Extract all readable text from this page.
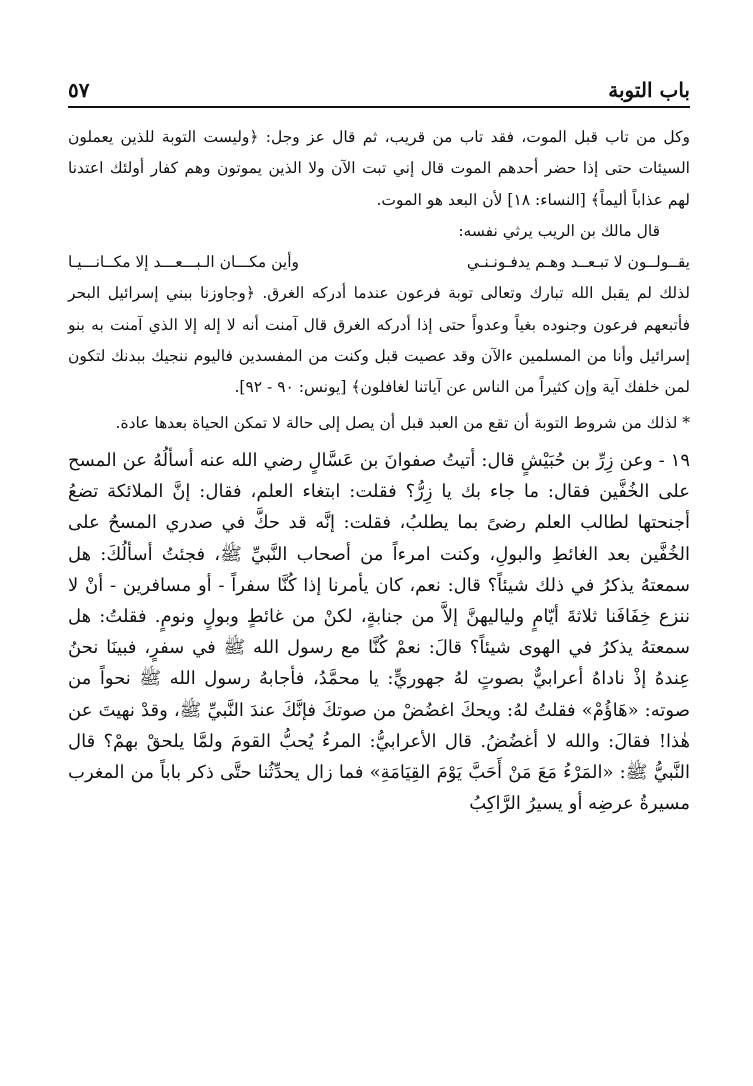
باب التوبة
٥٧
وكل من تاب قبل الموت، فقد تاب من قريب، ثم قال عز وجل: ﴿وليست التوبة للذين يعملون السيئات حتى إذا حضر أحدهم الموت قال إني تبت الآن ولا الذين يموتون وهم كفار أولئك اعتدنا لهم عذاباً أليماً﴾ [النساء: ١٨] لأن البعد هو الموت.
قال مالك بن الريب يرثي نفسه:
يقــولــون لا تبـعــد وهـم يدفـونـنـي
وأين مكـــان الـبـــعـــد إلا مكــانـــيـا
لذلك لم يقبل الله تبارك وتعالى توبة فرعون عندما أدركه الغرق. ﴿وجاوزنا ببني إسرائيل البحر فأتبعهم فرعون وجنوده بغياً وعدواً حتى إذا أدركه الغرق قال آمنت أنه لا إله إلا الذي آمنت به بنو إسرائيل وأنا من المسلمين ءالآن وقد عصيت قبل وكنت من المفسدين فاليوم ننجيك ببدنك لتكون لمن خلفك آية وإن كثيراً من الناس عن آياتنا لغافلون﴾ [يونس: ٩٠ - ٩٢].
* لذلك من شروط التوبة أن تقع من العبد قبل أن يصل إلى حالة لا تمكن الحياة بعدها عادة.
١٩ - وعن زِرِّ بن حُبَيْشٍ قال: أتيتُ صفوانَ بن عَسَّالٍ رضي الله عنه أسألُهُ عن المسح على الخُفَّين فقال: ما جاء بك يا زِرُّ؟ فقلت: ابتغاء العلم، فقال: إنَّ الملائكة تضعُ أجنحتها لطالب العلم رضىً بما يطلبُ، فقلت: إنَّه قد حكَّ في صدري المسحُ على الخُفَّين بعد الغائطِ والبولِ، وكنت امرءاً من أصحاب النَّبيِّ ﷺ، فجئتُ أسألُكَ: هل سمعتهُ يذكرُ في ذلك شيئاً؟ قال: نعم، كان يأمرنا إذا كُنَّا سفراً - أو مسافرين - أنْ لا ننزع خِفَافَنا ثلاثةَ أيّامٍ ولياليهنَّ إلاَّ من جنابةٍ، لكنْ من غائطٍ وبولٍ ونومٍ. فقلتُ: هل سمعتهُ يذكرُ في الهوى شيئاً؟ قالَ: نعمْ كُنَّا مع رسول الله ﷺ في سفرٍ، فبينَا نحنُ عِندهُ إذْ ناداهُ أعرابيٌّ بصوتٍ لهُ جهوريٍّ: يا محمَّدُ، فأجابهُ رسول الله ﷺ نحواً من صوته: «هَاؤُمْ» فقلتُ لهُ: ويحكَ اغضُضْ من صوتكَ فإنَّكَ عندَ النَّبيِّ ﷺ، وقدْ نهيتَ عن هٰذا! فقالَ: والله لا أغضُضُ. قال الأعرابيُّ: المرءُ يُحبُّ القومَ ولمَّا يلحقْ بهمْ؟ قال النَّبيُّ ﷺ: «المَرْءُ مَعَ مَنْ أَحَبَّ يَوْمَ القِيَامَةِ» فما زال يحدِّثُنا حتَّى ذكر باباً من المغرب مسيرةُ عرضِه أو يسيرُ الرَّاكِبُ
